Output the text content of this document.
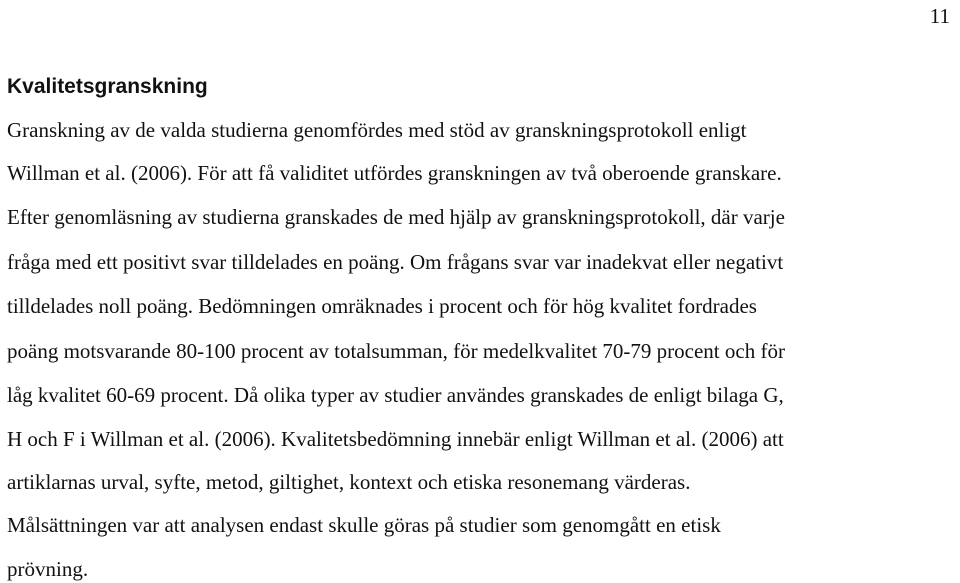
11
Kvalitetsgranskning
Granskning av de valda studierna genomfördes med stöd av granskningsprotokoll enligt
Willman et al. (2006). För att få validitet utfördes granskningen av två oberoende granskare.
Efter genomläsning av studierna granskades de med hjälp av granskningsprotokoll, där varje
fråga med ett positivt svar tilldelades en poäng. Om frågans svar var inadekvat eller negativt
tilldelades noll poäng. Bedömningen omräknades i procent och för hög kvalitet fordrades
poäng motsvarande 80-100 procent av totalsumman, för medelkvalitet 70-79 procent och för
låg kvalitet 60-69 procent. Då olika typer av studier användes granskades de enligt bilaga G,
H och F i Willman et al. (2006). Kvalitetsbedömning innebär enligt Willman et al. (2006) att
artiklarnas urval, syfte, metod, giltighet, kontext och etiska resonemang värderas.
Målsättningen var att analysen endast skulle göras på studier som genomgått en etisk
prövning.
